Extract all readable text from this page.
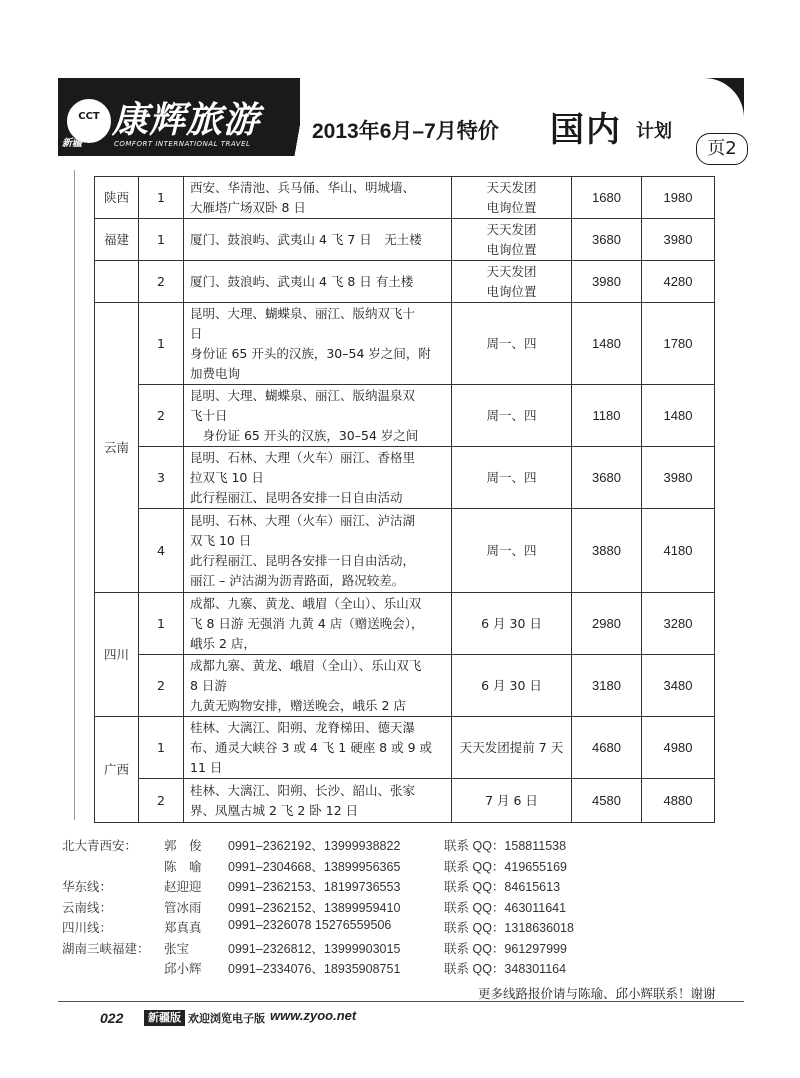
CCT
新疆
康辉旅游
COMFORT INTERNATIONAL TRAVEL
2013年6月–7月特价 国内 计划
页2
陕西	1	西安、华清池、兵马俑、华山、明城墙、
大雁塔广场双卧 8 日	天天发团
电询位置	1680	1980
福建	1	厦门、鼓浪屿、武夷山 4 飞 7 日　无土楼	天天发团
电询位置	3680	3980
	2	厦门、鼓浪屿、武夷山 4 飞 8 日 有土楼	天天发团
电询位置	3980	4280
云南	1	昆明、大理、蝴蝶泉、丽江、版纳双飞十
日
身份证 65 开头的汉族，30–54 岁之间，附
加费电询	周一、四	1480	1780
	2	昆明、大理、蝴蝶泉、丽江、版纳温泉双
飞十日
　身份证 65 开头的汉族，30–54 岁之间	周一、四	1180	1480
	3	昆明、石林、大理（火车）丽江、香格里
拉双飞 10 日
此行程丽江、昆明各安排一日自由活动	周一、四	3680	3980
	4	昆明、石林、大理（火车）丽江、泸沽湖
双飞 10 日
此行程丽江、昆明各安排一日自由活动，
丽江 – 泸沽湖为沥青路面，路况较差。	周一、四	3880	4180
四川	1	成都、九寨、黄龙、峨眉（全山）、乐山双
飞 8 日游 无强消 九黄 4 店（赠送晚会），
峨乐 2 店，	6 月 30 日	2980	3280
	2	成都九寨、黄龙、峨眉（全山）、乐山双飞
8 日游
九黄无购物安排，赠送晚会，峨乐 2 店	6 月 30 日	3180	3480
广西	1	桂林、大漓江、阳朔、龙脊梯田、德天瀑
布、通灵大峡谷 3 或 4 飞 1 硬座 8 或 9 或
11 日	天天发团提前 7 天	4680	4980
	2	桂林、大漓江、阳朔、长沙、韶山、张家
界、凤凰古城 2 飞 2 卧 12 日	7 月 6 日	4580	4880
北大青西安： 郭　俊 0991–2362192、13999938822	联系 QQ：158811538
陈　喻 0991–2304668、13899956365	联系 QQ：419655169
华东线：	赵迎迎 0991–2362153、18199736553	联系 QQ：84615613
云南线：	管冰雨 0991–2362152、13899959410	联系 QQ：463011641
四川线：	郑真真 0991–2326078 15276559506	联系 QQ：1318636018
湖南三峡福建： 张宝	0991–2326812、13999903015	联系 QQ：961297999
邱小辉 0991–2334076、18935908751	联系 QQ：348301164
更多线路报价请与陈瑜、邱小辉联系！谢谢
022	新疆版 欢迎浏览电子版 www.zyoo.net
